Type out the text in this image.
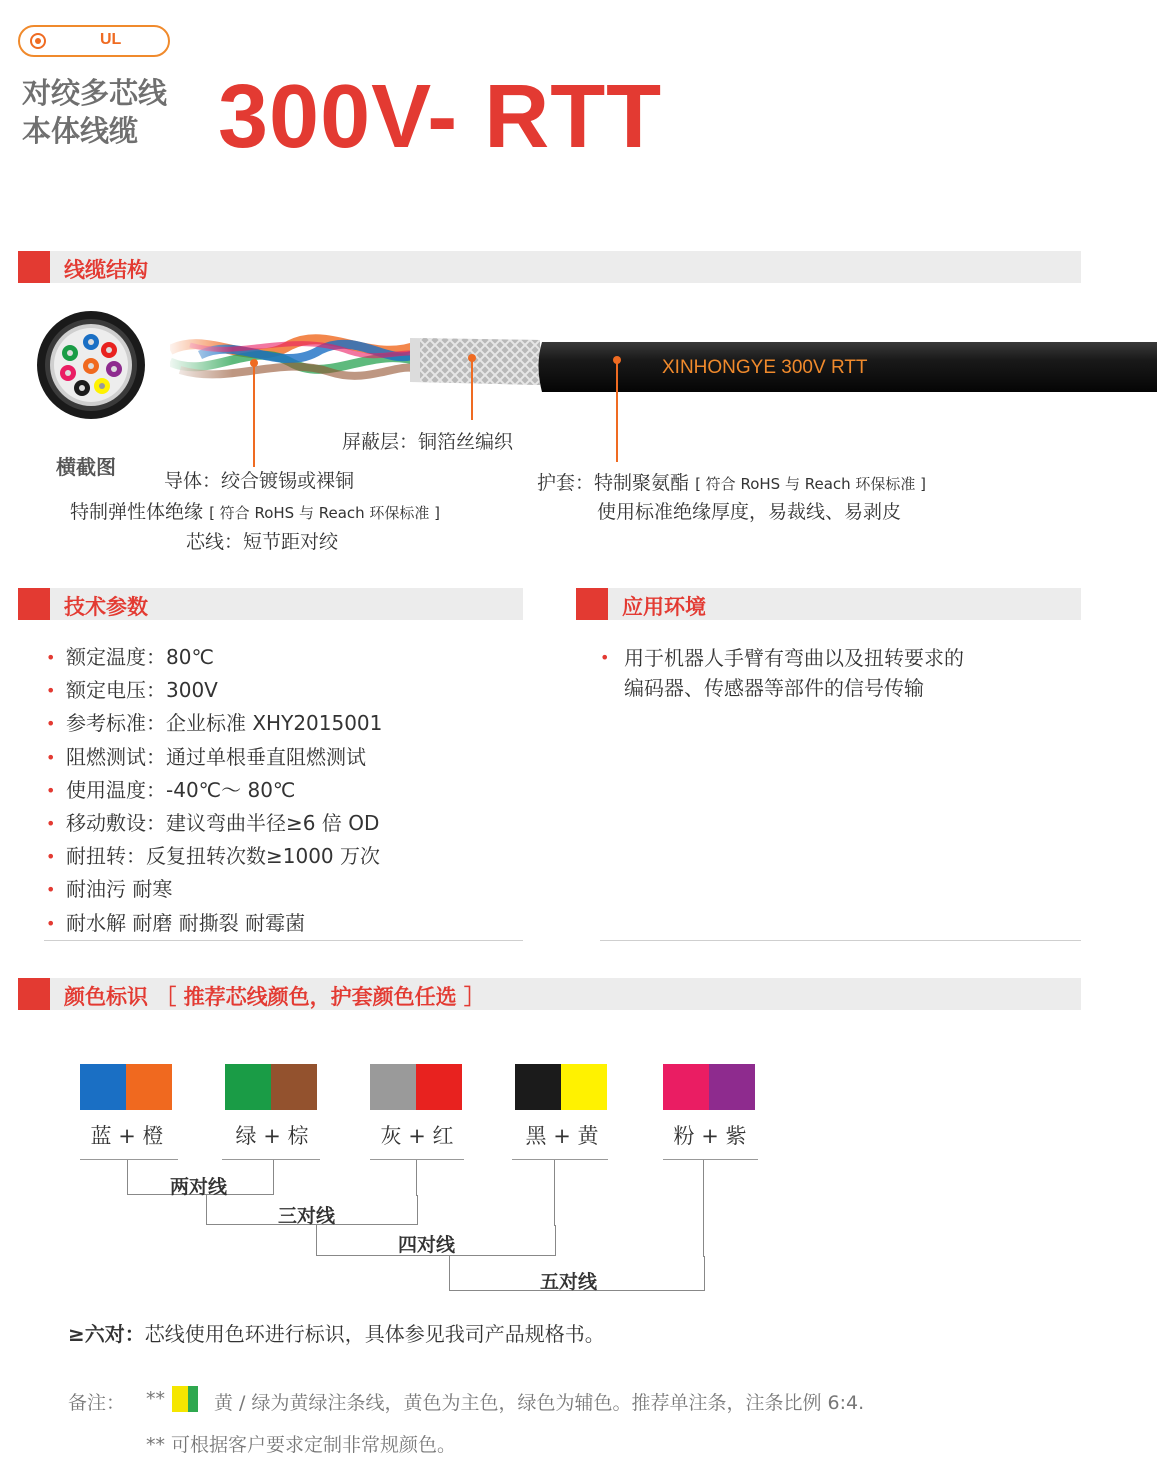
UL
对绞多芯线
本体线缆 300V- RTT
线缆结构
横截图
XINHONGYE 300V RTT
屏蔽层：铜箔丝编织
导体：绞合镀锡或裸铜
特制弹性体绝缘 [ 符合 RoHS 与 Reach 环保标准 ]
芯线：短节距对绞
护套：特制聚氨酯 [ 符合 RoHS 与 Reach 环保标准 ]
使用标准绝缘厚度，易裁线、易剥皮
技术参数	应用环境
• 额定温度：80℃
• 额定电压：300V
• 参考标准：企业标准 XHY2015001
• 阻燃测试：通过单根垂直阻燃测试
• 使用温度：-40℃～ 80℃
• 移动敷设：建议弯曲半径≥6 倍 OD
• 耐扭转：反复扭转次数≥1000 万次
• 耐油污 耐寒
• 耐水解 耐磨 耐撕裂 耐霉菌
• 用于机器人手臂有弯曲以及扭转要求的
编码器、传感器等部件的信号传输
颜色标识 ［ 推荐芯线颜色，护套颜色任选 ］
蓝 + 橙	绿 + 棕	灰 + 红	黑 + 黄	粉 + 紫
两对线
三对线
四对线
五对线
≥六对：芯线使用色环进行标识，具体参见我司产品规格书。
备注： **	黄 / 绿为黄绿注条线，黄色为主色，绿色为辅色。推荐单注条，注条比例 6:4.
** 可根据客户要求定制非常规颜色。
